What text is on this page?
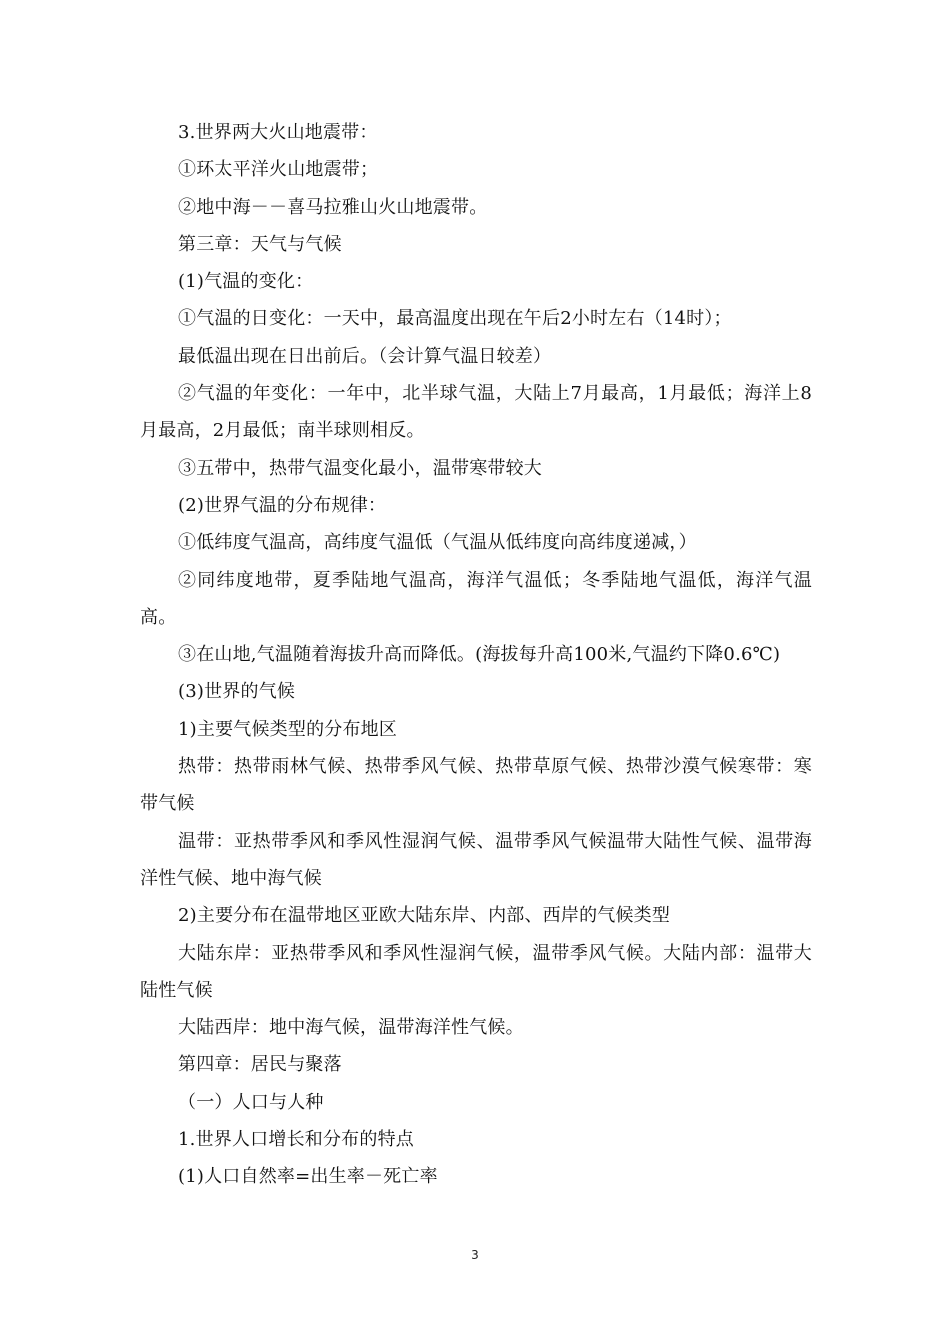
3.世界两大火山地震带：

①环太平洋火山地震带；

②地中海－－喜马拉雅山火山地震带。

第三章：天气与气候

(1)气温的变化：

①气温的日变化：一天中，最高温度出现在午后2小时左右（14时）；

最低温出现在日出前后。（会计算气温日较差）

②气温的年变化：一年中，北半球气温，大陆上7月最高，1月最低；海洋上8月最高，2月最低；南半球则相反。

③五带中，热带气温变化最小，温带寒带较大

(2)世界气温的分布规律：

①低纬度气温高，高纬度气温低（气温从低纬度向高纬度递减，）

②同纬度地带，夏季陆地气温高，海洋气温低；冬季陆地气温低，海洋气温高。

③在山地,气温随着海拔升高而降低。(海拔每升高100米,气温约下降0.6℃)

(3)世界的气候

1)主要气候类型的分布地区

热带：热带雨林气候、热带季风气候、热带草原气候、热带沙漠气候寒带：寒带气候

温带：亚热带季风和季风性湿润气候、温带季风气候温带大陆性气候、温带海洋性气候、地中海气候

2)主要分布在温带地区亚欧大陆东岸、内部、西岸的气候类型

大陆东岸：亚热带季风和季风性湿润气候，温带季风气候。大陆内部：温带大陆性气候

大陆西岸：地中海气候，温带海洋性气候。

第四章：居民与聚落

（一）人口与人种

1.世界人口增长和分布的特点

(1)人口自然率=出生率－死亡率

3
